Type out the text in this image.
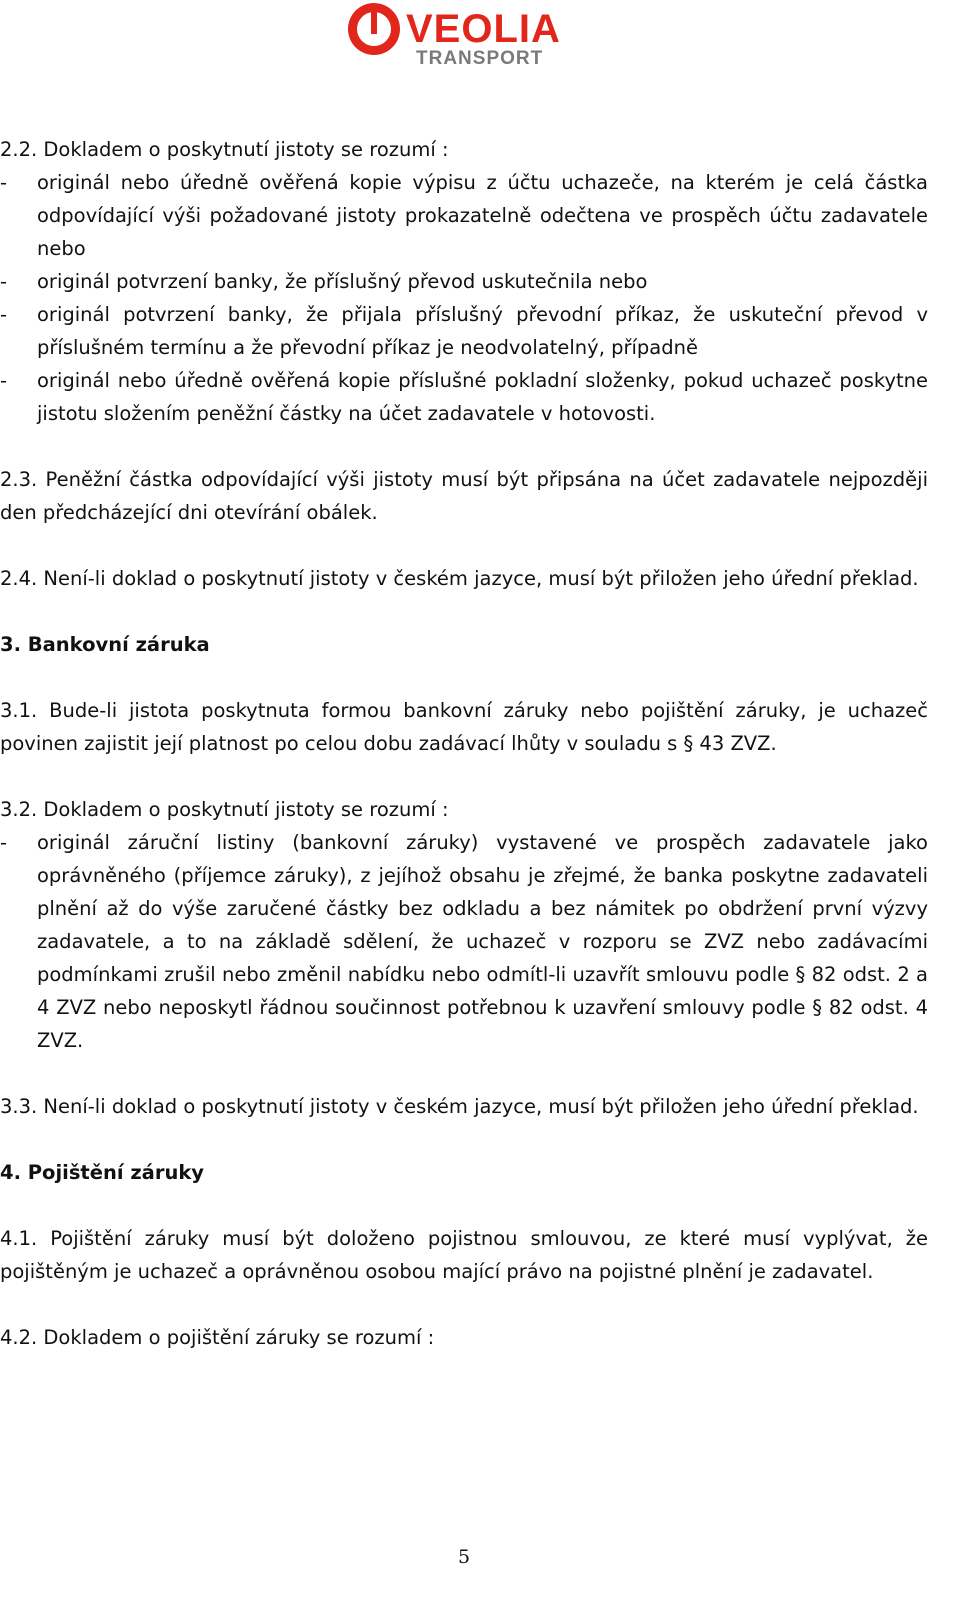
VEOLIA
TRANSPORT

2.2. Dokladem o poskytnutí jistoty se rozumí :

- originál nebo úředně ověřená kopie výpisu z účtu uchazeče, na kterém je celá částka odpovídající výši požadované jistoty prokazatelně odečtena ve prospěch účtu zadavatele nebo
- originál potvrzení banky, že příslušný převod uskutečnila nebo
- originál potvrzení banky, že přijala příslušný převodní příkaz, že uskuteční převod v příslušném termínu a že převodní příkaz je neodvolatelný, případně
- originál nebo úředně ověřená kopie příslušné pokladní složenky, pokud uchazeč poskytne jistotu složením peněžní částky na účet zadavatele v hotovosti.

2.3. Peněžní částka odpovídající výši jistoty musí být připsána na účet zadavatele nejpozději den předcházející dni otevírání obálek.

2.4. Není-li doklad o poskytnutí jistoty v českém jazyce, musí být přiložen jeho úřední překlad.

3. Bankovní záruka

3.1. Bude-li jistota poskytnuta formou bankovní záruky nebo pojištění záruky, je uchazeč povinen zajistit její platnost po celou dobu zadávací lhůty v souladu s § 43 ZVZ.

3.2. Dokladem o poskytnutí jistoty se rozumí :

- originál záruční listiny (bankovní záruky) vystavené ve prospěch zadavatele jako oprávněného (příjemce záruky), z jejíhož obsahu je zřejmé, že banka poskytne zadavateli plnění až do výše zaručené částky bez odkladu a bez námitek po obdržení první výzvy zadavatele, a to na základě sdělení, že uchazeč v rozporu se ZVZ nebo zadávacími podmínkami zrušil nebo změnil nabídku nebo odmítl-li uzavřít smlouvu podle § 82 odst. 2 a 4 ZVZ nebo neposkytl řádnou součinnost potřebnou k uzavření smlouvy podle § 82 odst. 4 ZVZ.

3.3. Není-li doklad o poskytnutí jistoty v českém jazyce, musí být přiložen jeho úřední překlad.

4. Pojištění záruky

4.1. Pojištění záruky musí být doloženo pojistnou smlouvou, ze které musí vyplývat, že pojištěným je uchazeč a oprávněnou osobou mající právo na pojistné plnění je zadavatel.

4.2. Dokladem o pojištění záruky se rozumí :

5
